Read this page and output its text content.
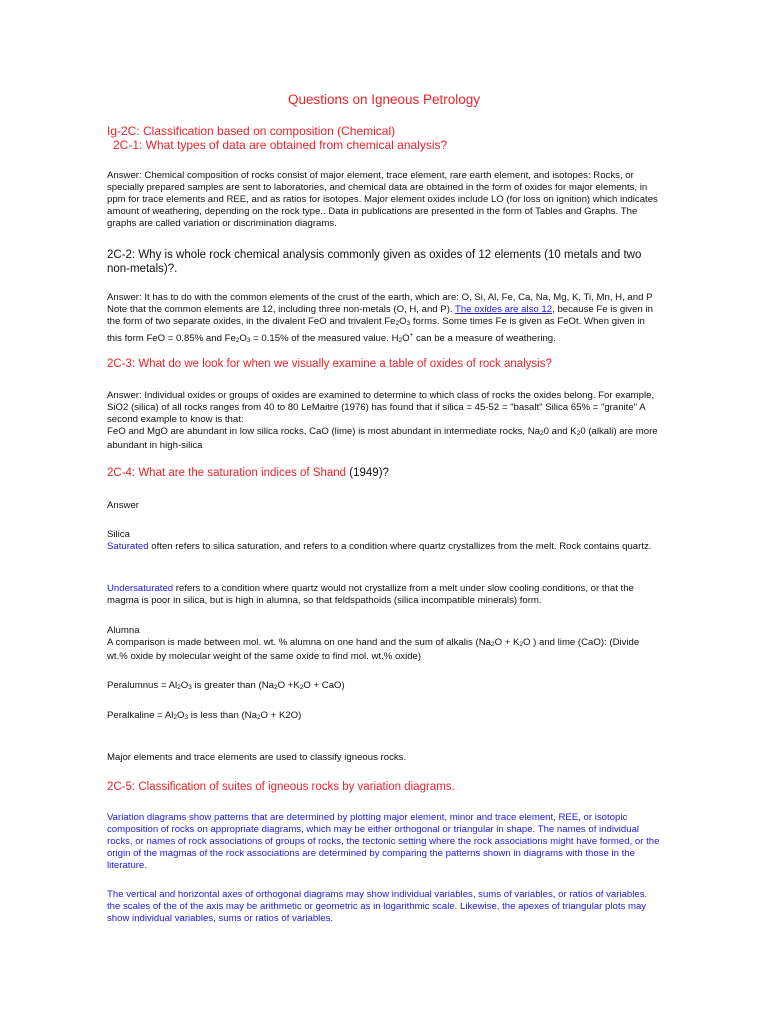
Questions on Igneous Petrology
Ig-2C: Classification based on composition (Chemical)
2C-1: What types of data are obtained from chemical analysis?

Answer: Chemical composition of rocks consist of major element, trace element, rare earth element, and isotopes: Rocks, or specially prepared samples are sent to laboratories, and chemical data are obtained in the form of oxides for major elements, in ppm for trace elements and REE, and as ratios for isotopes. Major element oxides include LO (for loss on ignition) which indicates amount of weathering, depending on the rock type.. Data in publications are presented in the form of Tables and Graphs. The graphs are called variation or discrimination diagrams.

2C-2: Why is whole rock chemical analysis commonly given as oxides of 12 elements (10 metals and two non-metals)?.

Answer: It has to do with the common elements of the crust of the earth, which are: O, Si, Al, Fe, Ca, Na, Mg, K, Ti, Mn, H, and P Note that the common elements are 12, including three non-metals (O, H, and P). The oxides are also 12, because Fe is given in the form of two separate oxides, in the divalent FeO and trivalent $Fe_2O_3$ forms. Some times Fe is given as FeOt. When given in this form FeO = 0.85% and $Fe_2O_3 = 0.15\%$ of the measured value. $H_2O^+$ can be a measure of weathering.

2C-3: What do we look for when we visually examine a table of oxides of rock analysis?

Answer: Individual oxides or groups of oxides are examined to determine to which class of rocks the oxides belong. For example, SiO2 (silica) of all rocks ranges from 40 to 80 LeMaitre (1976) has found that if silica = 45-52 = "basalt" Silica 65% = "granite" A second example to know is that:
FeO and MgO are abundant in low silica rocks, CaO (lime) is most abundant in intermediate rocks, $Na_20$ and $K_20$ (alkali) are more abundant in high-silica

2C-4: What are the saturation indices of Shand (1949)?

Answer
Silica

Saturated often refers to silica saturation, and refers to a condition where quartz crystallizes from the melt. Rock contains quartz.

Undersaturated refers to a condition where quartz would not crystallize from a melt under slow cooling conditions, or that the magma is poor in silica, but is high in alumna, so that feldspathoids (silica incompatible minerals) form.

Alumna

A comparison is made between mol. wt. % alumna on one hand and the sum of alkalis ($Na_2O + K_2O$ ) and lime (CaO): (Divide wt.% oxide by molecular weight of the same oxide to find mol. wt.% oxide)

Peralumnus = $Al_2O_3$ is greater than $(Na_2O +K_2O + CaO)$

Peralkaline = $Al_2O_3$ is less than $(Na_2O + K2O)$

Major elements and trace elements are used to classify igneous rocks.

2C-5: Classification of suites of igneous rocks by variation diagrams.

Variation diagrams show patterns that are determined by plotting major element, minor and trace element, REE, or isotopic composition of rocks on appropriate diagrams, which may be either orthogonal or triangular in shape. The names of individual rocks, or names of rock associations of groups of rocks, the tectonic setting where the rock associations might have formed, or the origin of the magmas of the rock associations are determined by comparing the patterns shown in diagrams with those in the literature.

The vertical and horizontal axes of orthogonal diagrams may show individual variables, sums of variables, or ratios of variables. the scales of the of the axis may be arithmetic or geometric as in logarithmic scale. Likewise, the apexes of triangular plots may show individual variables, sums or ratios of variables.
